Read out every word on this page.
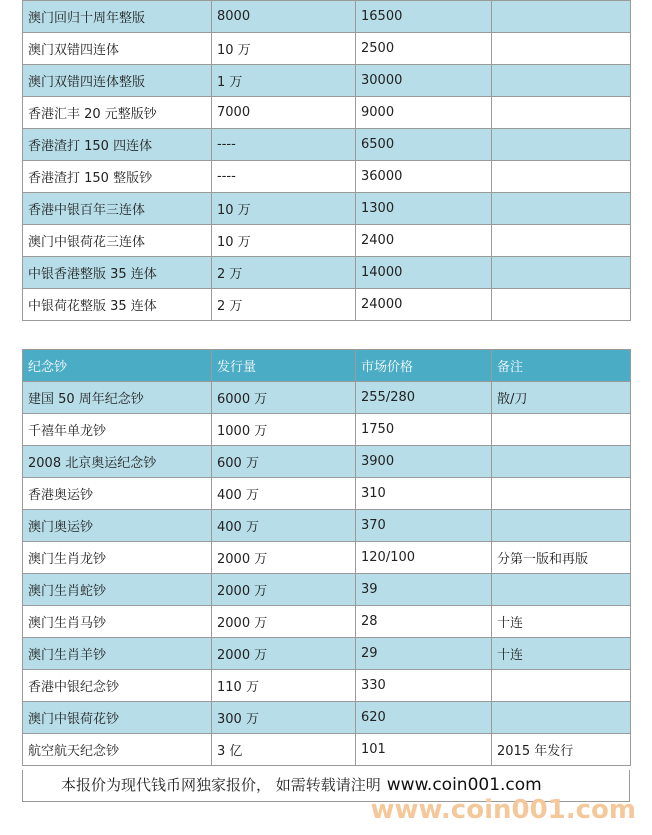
澳门回归十周年整版	8000	16500	
澳门双错四连体	10 万	2500	
澳门双错四连体整版	1 万	30000	
香港汇丰 20 元整版钞	7000	9000	
香港渣打 150 四连体	----	6500	
香港渣打 150 整版钞	----	36000	
香港中银百年三连体	10 万	1300	
澳门中银荷花三连体	10 万	2400	
中银香港整版 35 连体	2 万	14000	
中银荷花整版 35 连体	2 万	24000	
纪念钞	发行量	市场价格	备注
建国 50 周年纪念钞	6000 万	255/280	散/刀
千禧年单龙钞	1000 万	1750	
2008 北京奥运纪念钞	600 万	3900	
香港奥运钞	400 万	310	
澳门奥运钞	400 万	370	
澳门生肖龙钞	2000 万	120/100	分第一版和再版
澳门生肖蛇钞	2000 万	39	
澳门生肖马钞	2000 万	28	十连
澳门生肖羊钞	2000 万	29	十连
香港中银纪念钞	110 万	330	
澳门中银荷花钞	300 万	620	
航空航天纪念钞	3 亿	101	2015 年发行
本报价为现代钱币网独家报价， 如需转载请注明 www.coin001.com
www.coin001.com
